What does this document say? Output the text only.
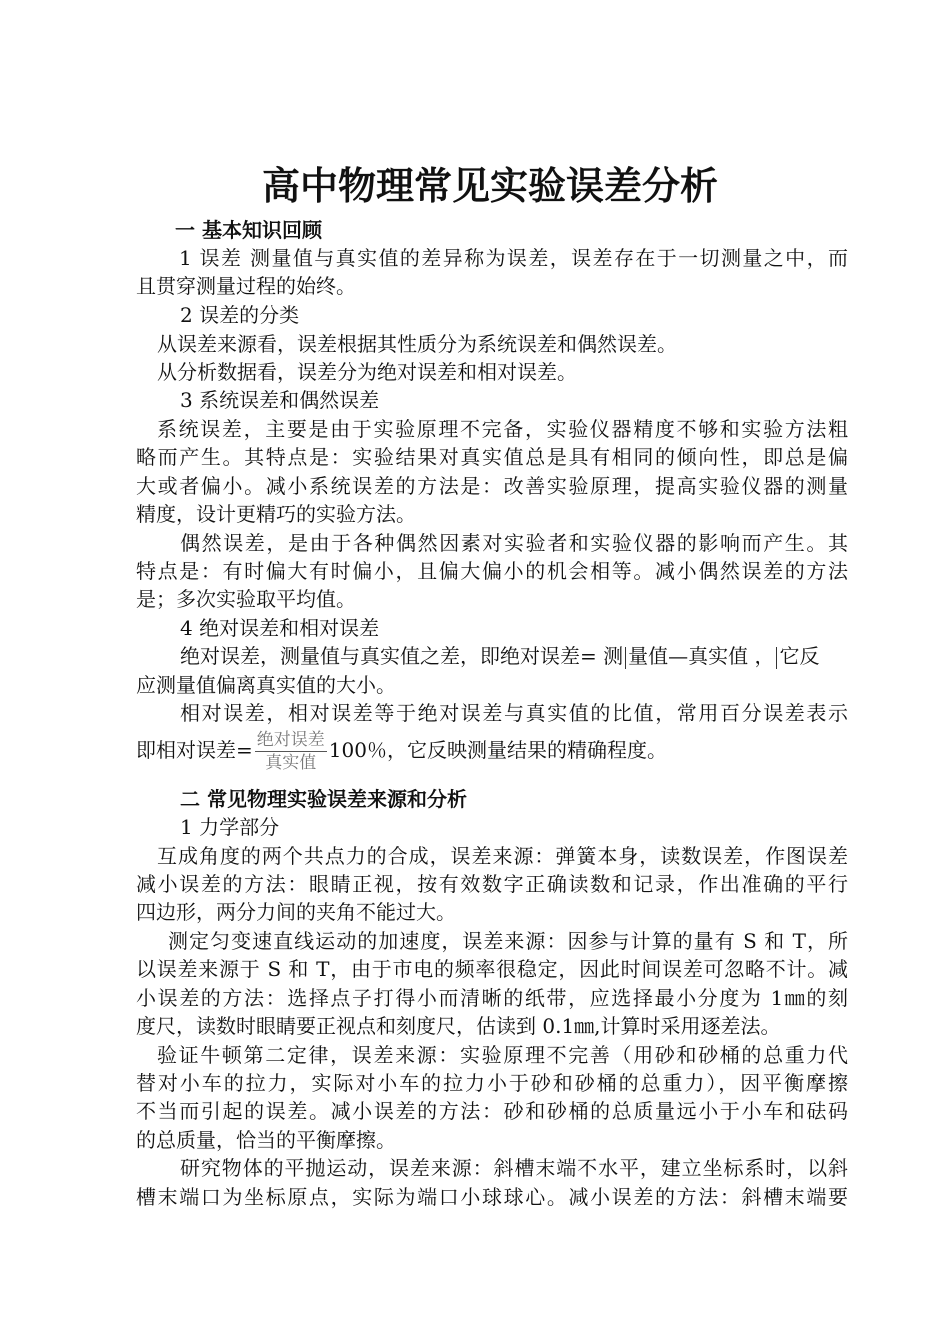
高中物理常见实验误差分析

一 基本知识回顾

1 误差 测量值与真实值的差异称为误差，误差存在于一切测量之中，而

且贯穿测量过程的始终。

2 误差的分类

从误差来源看，误差根据其性质分为系统误差和偶然误差。

从分析数据看，误差分为绝对误差和相对误差。

3 系统误差和偶然误差

系统误差，主要是由于实验原理不完备，实验仪器精度不够和实验方法粗

略而产生。其特点是：实验结果对真实值总是具有相同的倾向性，即总是偏

大或者偏小。减小系统误差的方法是：改善实验原理，提高实验仪器的测量

精度，设计更精巧的实验方法。

偶然误差，是由于各种偶然因素对实验者和实验仪器的影响而产生。其

特点是：有时偏大有时偏小，且偏大偏小的机会相等。减小偶然误差的方法

是；多次实验取平均值。

4 绝对误差和相对误差

绝对误差，测量值与真实值之差，即绝对误差= 测 量值—真实值 ， 它反

应测量值偏离真实值的大小。

相对误差，相对误差等于绝对误差与真实值的比值，常用百分误差表示

即相对误差= $\frac{\text{绝对误差}}{\text{真实值}} 100$％，它反映测量结果的精确程度。

二 常见物理实验误差来源和分析

1 力学部分

互成角度的两个共点力的合成，误差来源：弹簧本身，读数误差，作图误差

减小误差的方法：眼睛正视，按有效数字正确读数和记录，作出准确的平行

四边形，两分力间的夹角不能过大。

测定匀变速直线运动的加速度，误差来源：因参与计算的量有 S 和 T，所

以误差来源于 S 和 T，由于市电的频率很稳定，因此时间误差可忽略不计。减

小误差的方法：选择点子打得小而清晰的纸带，应选择最小分度为 1㎜的刻

度尺，读数时眼睛要正视点和刻度尺，估读到 0.1㎜,计算时采用逐差法。

验证牛顿第二定律，误差来源：实验原理不完善（用砂和砂桶的总重力代

替对小车的拉力，实际对小车的拉力小于砂和砂桶的总重力），因平衡摩擦

不当而引起的误差。减小误差的方法：砂和砂桶的总质量远小于小车和砝码

的总质量，恰当的平衡摩擦。

研究物体的平抛运动，误差来源：斜槽末端不水平，建立坐标系时，以斜

槽末端口为坐标原点，实际为端口小球球心。减小误差的方法：斜槽末端要
